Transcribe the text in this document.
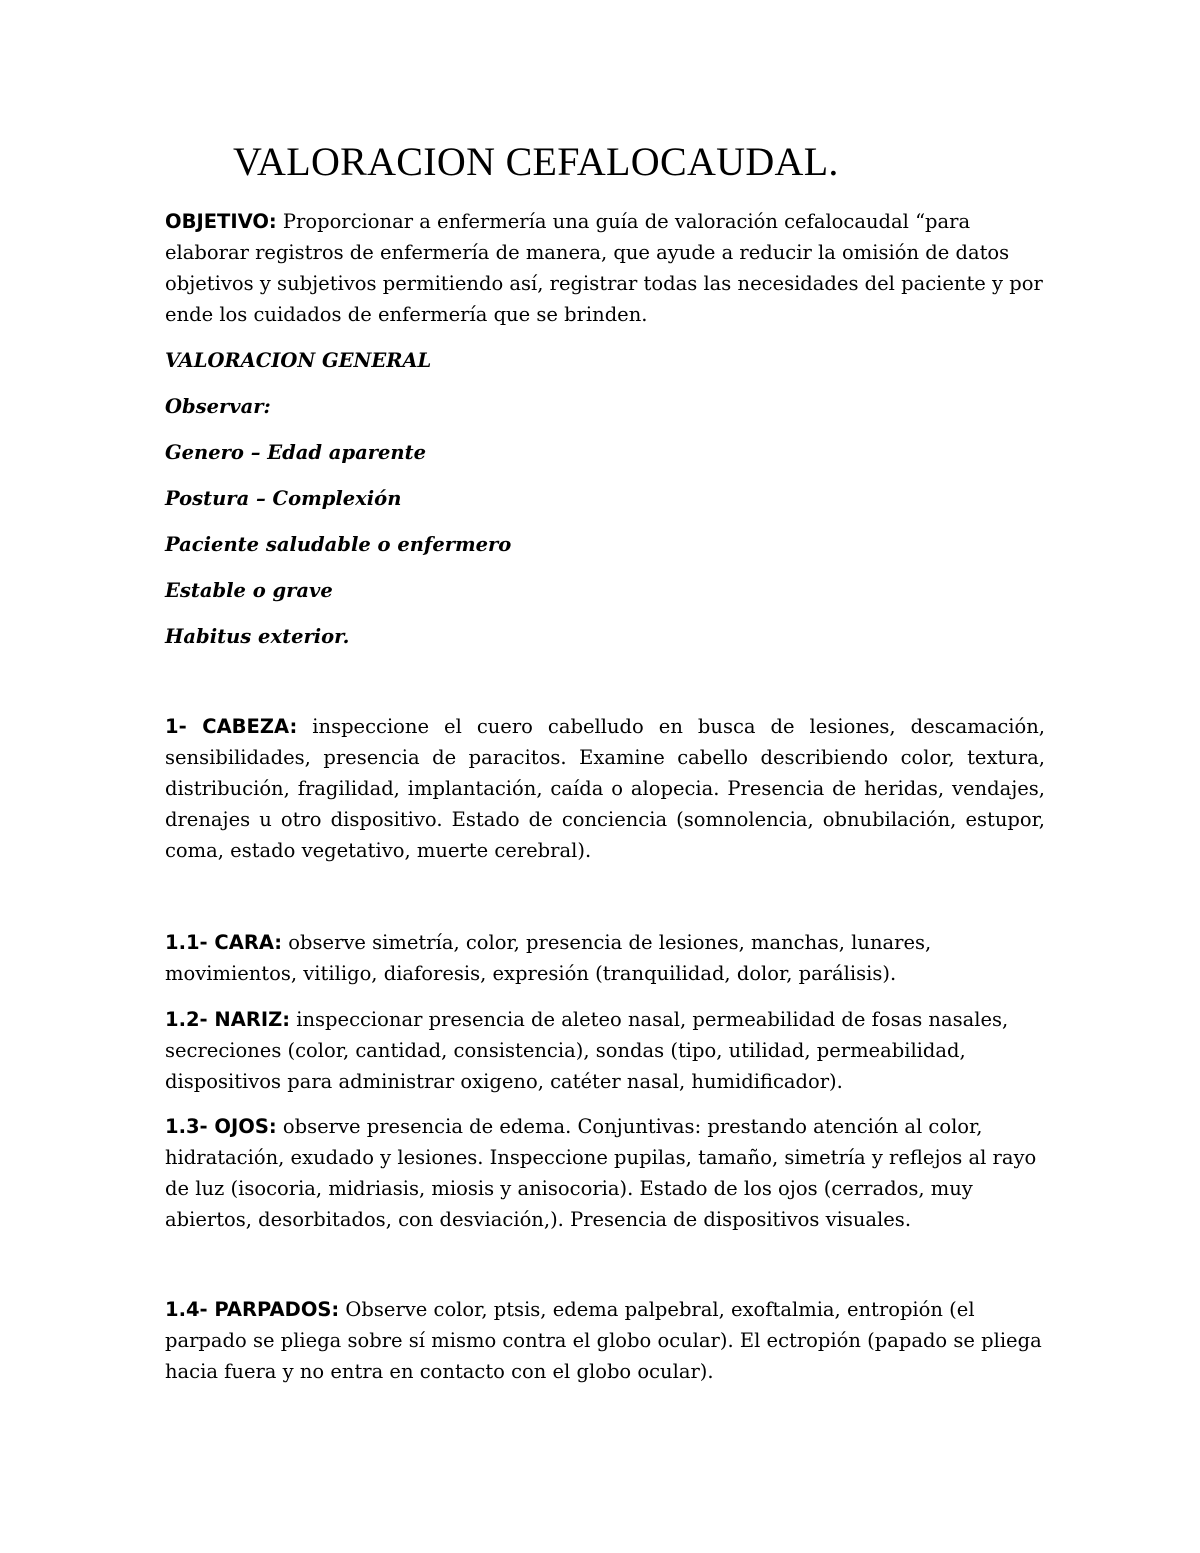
VALORACION CEFALOCAUDAL.
OBJETIVO: Proporcionar a enfermería una guía de valoración cefalocaudal “para elaborar registros de enfermería de manera, que ayude a reducir la omisión de datos objetivos y subjetivos permitiendo así, registrar todas las necesidades del paciente y por ende los cuidados de enfermería que se brinden.
VALORACION GENERAL
Observar:
Genero – Edad aparente
Postura – Complexión
Paciente saludable o enfermero
Estable o grave
Habitus exterior.
1- CABEZA: inspeccione el cuero cabelludo en busca de lesiones, descamación, sensibilidades, presencia de paracitos. Examine cabello describiendo color, textura, distribución, fragilidad, implantación, caída o alopecia. Presencia de heridas, vendajes, drenajes u otro dispositivo. Estado de conciencia (somnolencia, obnubilación, estupor, coma, estado vegetativo, muerte cerebral).
1.1- CARA: observe simetría, color, presencia de lesiones, manchas, lunares, movimientos, vitiligo, diaforesis, expresión (tranquilidad, dolor, parálisis).
1.2- NARIZ: inspeccionar presencia de aleteo nasal, permeabilidad de fosas nasales, secreciones (color, cantidad, consistencia), sondas (tipo, utilidad, permeabilidad, dispositivos para administrar oxigeno, catéter nasal, humidificador).
1.3- OJOS: observe presencia de edema. Conjuntivas: prestando atención al color, hidratación, exudado y lesiones. Inspeccione pupilas, tamaño, simetría y reflejos al rayo de luz (isocoria, midriasis, miosis y anisocoria). Estado de los ojos (cerrados, muy abiertos, desorbitados, con desviación,). Presencia de dispositivos visuales.
1.4- PARPADOS: Observe color, ptsis, edema palpebral, exoftalmia, entropión (el parpado se pliega sobre sí mismo contra el globo ocular). El ectropión (papado se pliega hacia fuera y no entra en contacto con el globo ocular).
